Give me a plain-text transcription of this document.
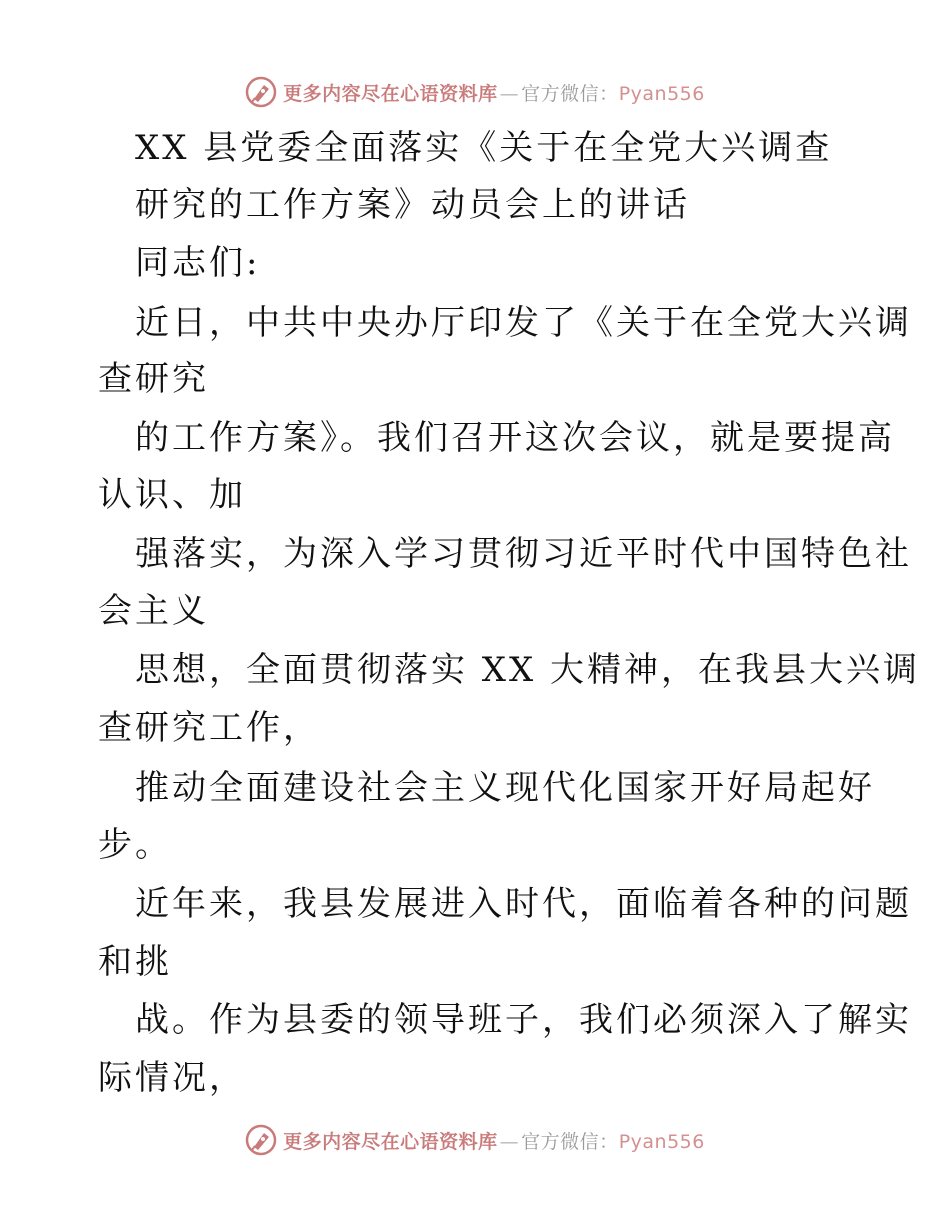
更多内容尽在心语资料库 — 官方微信：Pyan556
XX 县党委全面落实《关于在全党大兴调查
研究的工作方案》动员会上的讲话
同志们:
近日，中共中央办厅印发了《关于在全党大兴调
查研究
的工作方案》。我们召开这次会议，就是要提高
认识、加
强落实，为深入学习贯彻习近平时代中国特色社
会主义
思想，全面贯彻落实 XX 大精神，在我县大兴调
查研究工作，
推动全面建设社会主义现代化国家开好局起好
步。
近年来，我县发展进入时代，面临着各种的问题
和挑
战。作为县委的领导班子，我们必须深入了解实
际情况，
更多内容尽在心语资料库 — 官方微信：Pyan556
